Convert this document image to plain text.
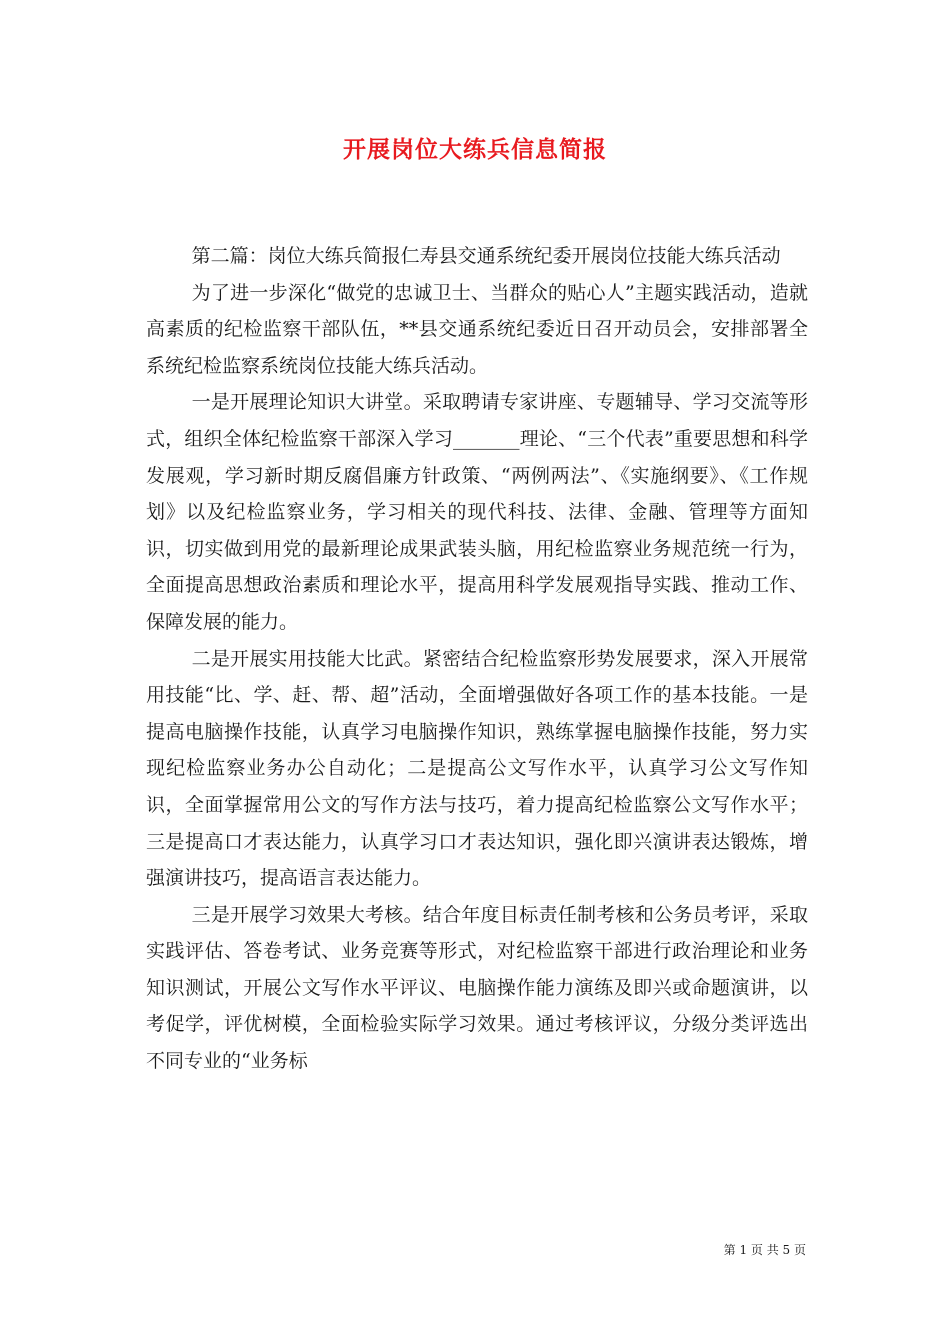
开展岗位大练兵信息简报

第二篇：岗位大练兵简报仁寿县交通系统纪委开展岗位技能大练兵活动

为了进一步深化“做党的忠诚卫士、当群众的贴心人”主题实践活动，造就高素质的纪检监察干部队伍，**县交通系统纪委近日召开动员会，安排部署全系统纪检监察系统岗位技能大练兵活动。

一是开展理论知识大讲堂。采取聘请专家讲座、专题辅导、学习交流等形式，组织全体纪检监察干部深入学习_______理论、“三个代表”重要思想和科学发展观，学习新时期反腐倡廉方针政策、“两例两法”、《实施纲要》、《工作规划》以及纪检监察业务，学习相关的现代科技、法律、金融、管理等方面知识，切实做到用党的最新理论成果武装头脑，用纪检监察业务规范统一行为，全面提高思想政治素质和理论水平，提高用科学发展观指导实践、推动工作、保障发展的能力。

二是开展实用技能大比武。紧密结合纪检监察形势发展要求，深入开展常用技能“比、学、赶、帮、超”活动，全面增强做好各项工作的基本技能。一是提高电脑操作技能，认真学习电脑操作知识，熟练掌握电脑操作技能，努力实现纪检监察业务办公自动化；二是提高公文写作水平，认真学习公文写作知识，全面掌握常用公文的写作方法与技巧，着力提高纪检监察公文写作水平；三是提高口才表达能力，认真学习口才表达知识，强化即兴演讲表达锻炼，增强演讲技巧，提高语言表达能力。

三是开展学习效果大考核。结合年度目标责任制考核和公务员考评，采取实践评估、答卷考试、业务竞赛等形式，对纪检监察干部进行政治理论和业务知识测试，开展公文写作水平评议、电脑操作能力演练及即兴或命题演讲，以考促学，评优树模，全面检验实际学习效果。通过考核评议，分级分类评选出不同专业的“业务标

第 1 页 共 5 页
